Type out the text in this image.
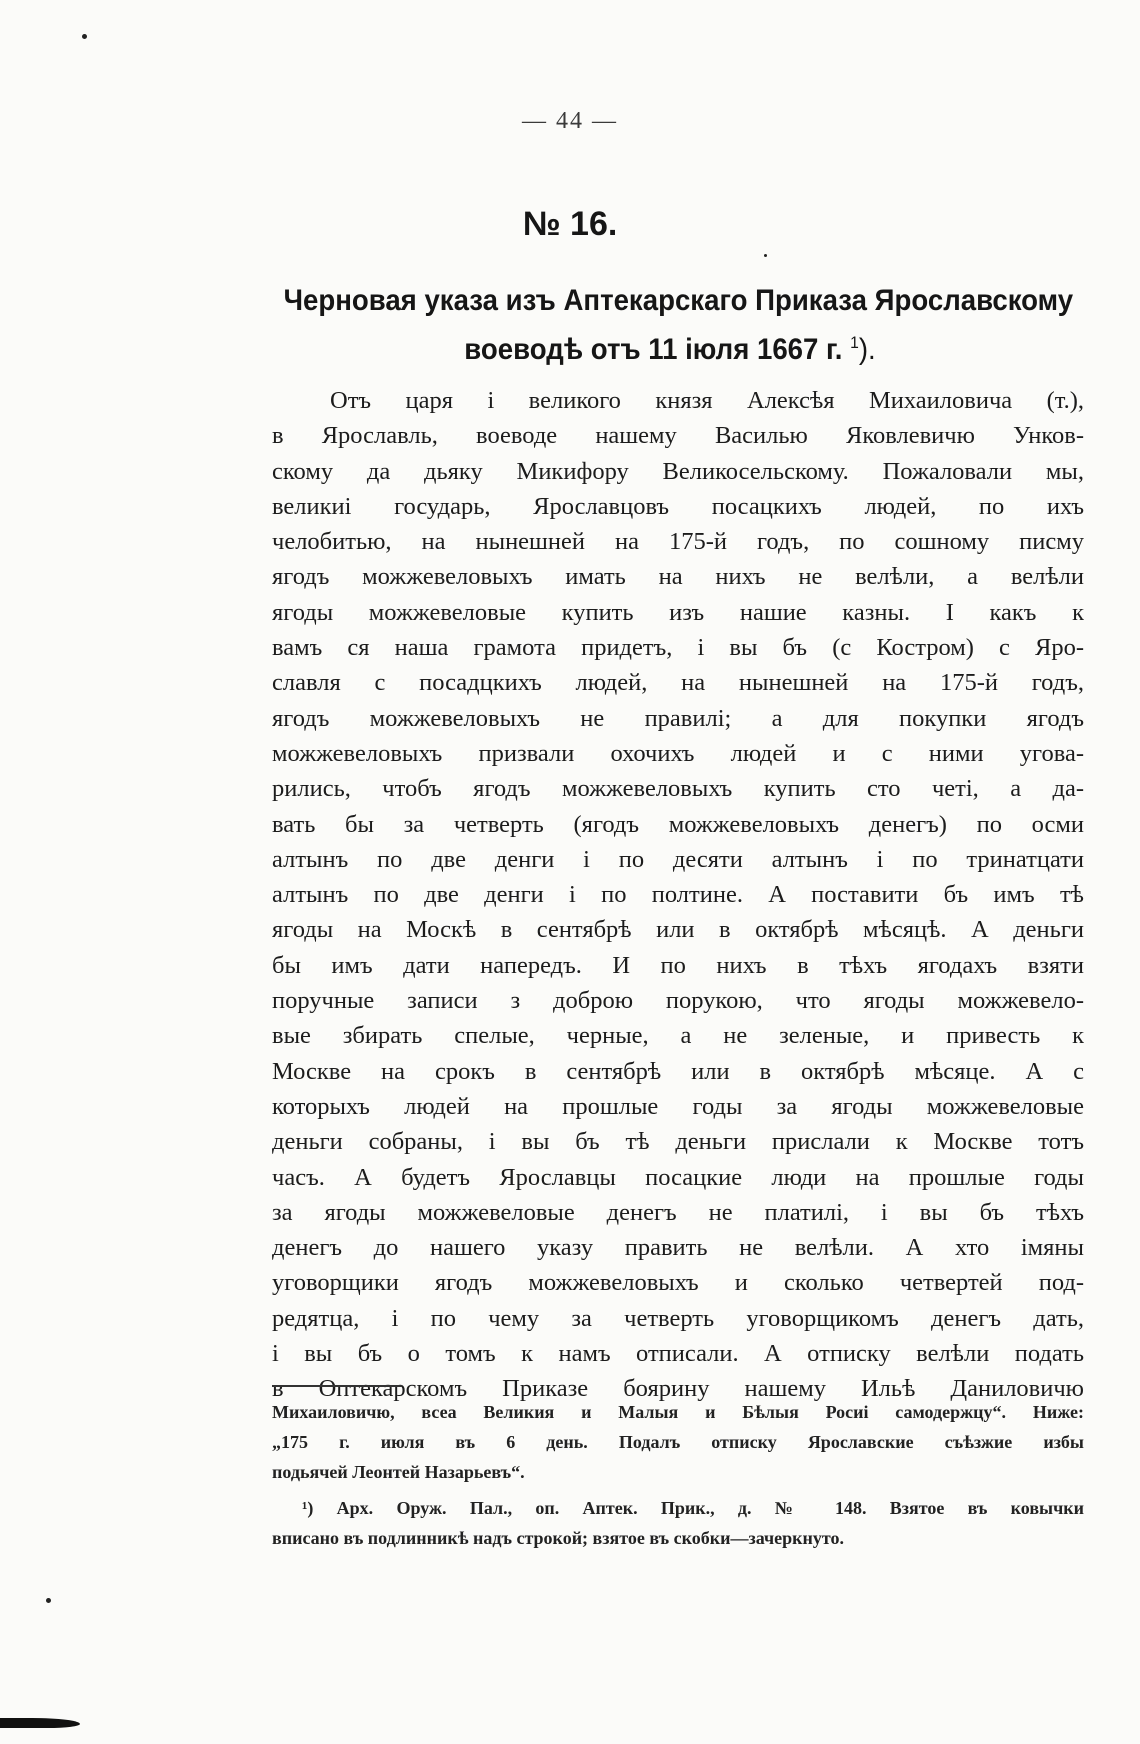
— 44 —
№ 16.
Черновая указа изъ Аптекарскаго Приказа Ярославскому
воеводѣ отъ 11 іюля 1667 г. $^1$).
Отъ царя і великого князя Алексѣя Михаиловича (т.),
в Ярославль, воеводе нашему Василью Яковлевичю Унков-
скому да дьяку Микифору Великосельскому. Пожаловали мы,
великиі государь, Ярославцовъ посацкихъ людей, по ихъ
челобитью, на нынешней на 175-й годъ, по сошному писму
ягодъ можжевеловыхъ имать на нихъ не велѣли, а велѣли
ягоды можжевеловые купить изъ нашие казны. І какъ к
вамъ ся наша грамота придетъ, і вы бъ (с Костром) с Яро-
славля с посадцкихъ людей, на нынешней на 175-й годъ,
ягодъ можжевеловыхъ не правилі; а для покупки ягодъ
можжевеловыхъ призвали охочихъ людей и с ними угова-
рились, чтобъ ягодъ можжевеловыхъ купить сто четі, а да-
вать бы за четверть (ягодъ можжевеловыхъ денегъ) по осми
алтынъ по две денги і по десяти алтынъ і по тринатцати
алтынъ по две денги і по полтине. А поставити бъ имъ тѣ
ягоды на Москѣ в сентябрѣ или в октябрѣ мѣсяцѣ. А деньги
бы имъ дати напередъ. И по нихъ в тѣхъ ягодахъ взяти
поручные записи з доброю порукою, что ягоды можжевело-
вые збирать спелые, черные, а не зеленые, и привесть к
Москве на срокъ в сентябрѣ или в октябрѣ мѣсяце. А с
которыхъ людей на прошлые годы за ягоды можжевеловые
деньги собраны, і вы бъ тѣ деньги прислали к Москве тотъ
часъ. А будетъ Ярославцы посацкие люди на прошлые годы
за ягоды можжевеловые денегъ не платилі, і вы бъ тѣхъ
денегъ до нашего указу править не велѣли. А хто імяны
уговорщики ягодъ можжевеловыхъ и сколько четвертей под-
редятца, і по чему за четверть уговорщикомъ денегъ дать,
і вы бъ о томъ к намъ отписали. А отписку велѣли подать
в Оптекарскомъ Приказе боярину нашему Ильѣ Даниловичю
Михаиловичю, всеа Великия и Малыя и Бѣлыя Росиі самодержцу“. Ниже:
„175 г. июля въ 6 день. Подалъ отписку Ярославские съѣзжие избы
подьячей Леонтей Назарьевъ“.
¹) Арх. Оруж. Пал., оп. Аптек. Прик., д. № 148. Взятое въ ковычки
вписано въ подлинникѣ надъ строкой; взятое въ скобки—зачеркнуто.
